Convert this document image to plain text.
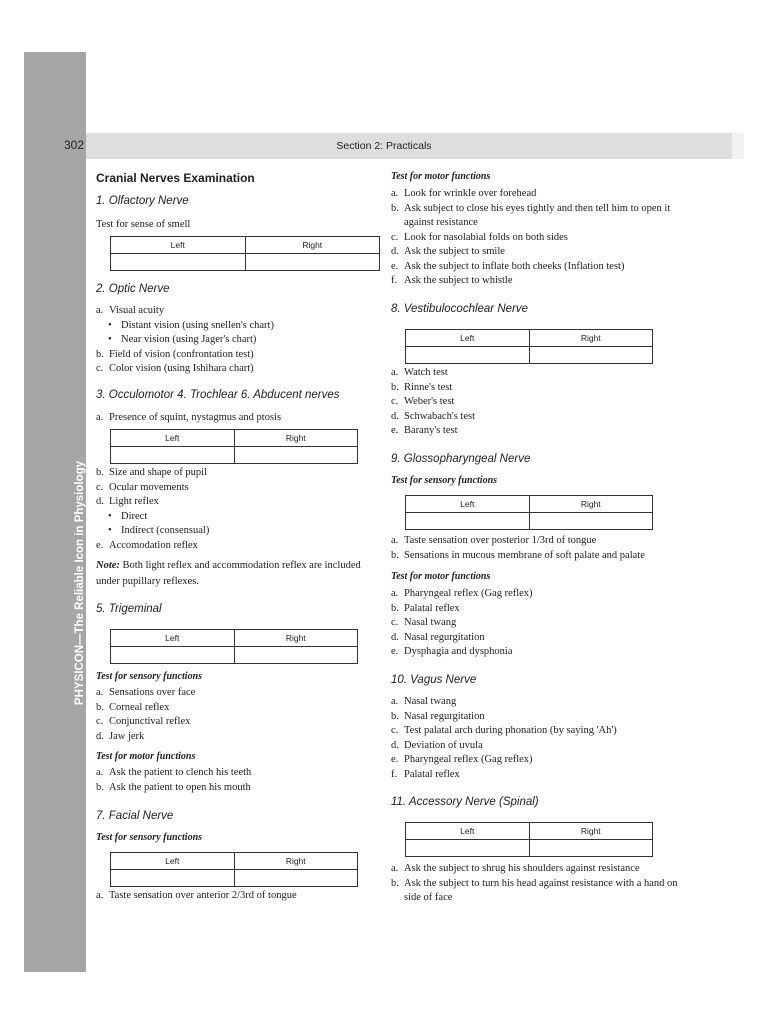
PHYSICON—The Reliable Icon in Physiology
302	Section 2: Practicals
Cranial Nerves Examination
1. Olfactory Nerve
Test for sense of smell
Left	Right

2. Optic Nerve
a. Visual acuity
• Distant vision (using snellen's chart)
• Near vision (using Jager's chart)
b. Field of vision (confrontation test)
c. Color vision (using Ishihara chart)
3. Occulomotor 4. Trochlear 6. Abducent nerves
a. Presence of squint, nystagmus and ptosis
Left	Right

b. Size and shape of pupil
c. Ocular movements
d. Light reflex
• Direct
• Indirect (consensual)
e. Accomodation reflex
Note: Both light reflex and accommodation reflex are included
under pupillary reflexes.
5. Trigeminal
Left	Right

Test for sensory functions
a. Sensations over face
b. Corneal reflex
c. Conjunctival reflex
d. Jaw jerk
Test for motor functions
a. Ask the patient to clench his teeth
b. Ask the patient to open his mouth
7. Facial Nerve
Test for sensory functions
Left	Right

a. Taste sensation over anterior 2/3rd of tongue
Test for motor functions
a. Look for wrinkle over forehead
b. Ask subject to close his eyes tightly and then tell him to open it against resistance
c. Look for nasolabial folds on both sides
d. Ask the subject to smile
e. Ask the subject to inflate both cheeks (Inflation test)
f. Ask the subject to whistle
8. Vestibulocochlear Nerve
Left	Right

a. Watch test
b. Rinne's test
c. Weber's test
d. Schwabach's test
e. Barany's test
9. Glossopharyngeal Nerve
Test for sensory functions
Left	Right

a. Taste sensation over posterior 1/3rd of tongue
b. Sensations in mucous membrane of soft palate and palate
Test for motor functions
a. Pharyngeal reflex (Gag reflex)
b. Palatal reflex
c. Nasal twang
d. Nasal regurgitation
e. Dysphagia and dysphonia
10. Vagus Nerve
a. Nasal twang
b. Nasal regurgitation
c. Test palatal arch during phonation (by saying 'Ah')
d. Deviation of uvula
e. Pharyngeal reflex (Gag reflex)
f. Palatal reflex
11. Accessory Nerve (Spinal)
Left	Right

a. Ask the subject to shrug his shoulders against resistance
b. Ask the subject to turn his head against resistance with a hand on side of face
